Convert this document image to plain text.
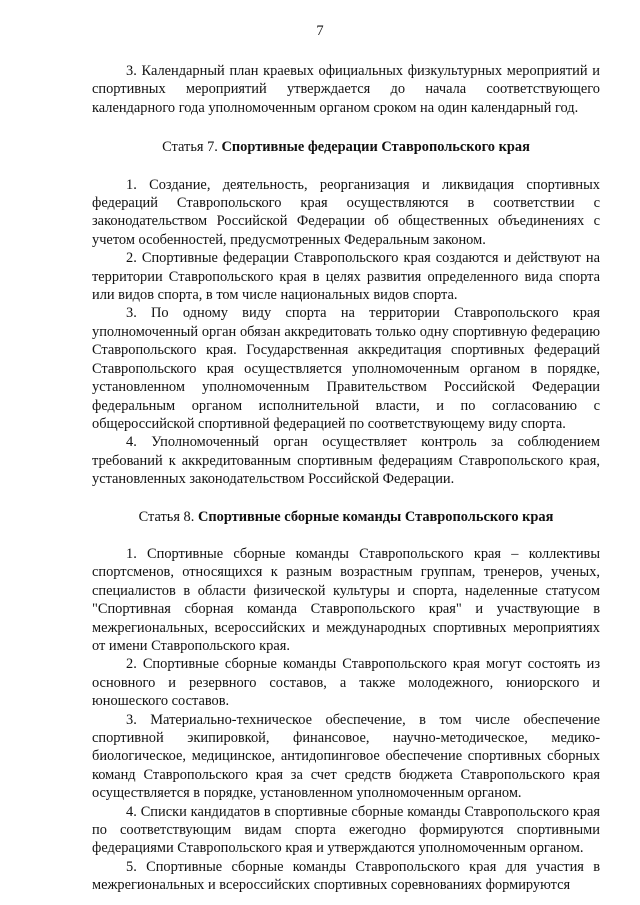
7

3. Календарный план краевых официальных физкультурных мероприятий и спортивных мероприятий утверждается до начала соответствующего календарного года уполномоченным органом сроком на один календарный год.

Статья 7. Спортивные федерации Ставропольского края

1. Создание, деятельность, реорганизация и ликвидация спортивных федераций Ставропольского края осуществляются в соответствии с законодательством Российской Федерации об общественных объединениях с учетом особенностей, предусмотренных Федеральным законом.

2. Спортивные федерации Ставропольского края создаются и действуют на территории Ставропольского края в целях развития определенного вида спорта или видов спорта, в том числе национальных видов спорта.

3. По одному виду спорта на территории Ставропольского края уполномоченный орган обязан аккредитовать только одну спортивную федерацию Ставропольского края. Государственная аккредитация спортивных федераций Ставропольского края осуществляется уполномоченным органом в порядке, установленном уполномоченным Правительством Российской Федерации федеральным органом исполнительной власти, и по согласованию с общероссийской спортивной федерацией по соответствующему виду спорта.

4. Уполномоченный орган осуществляет контроль за соблюдением требований к аккредитованным спортивным федерациям Ставропольского края, установленных законодательством Российской Федерации.

Статья 8. Спортивные сборные команды Ставропольского края

1. Спортивные сборные команды Ставропольского края – коллективы спортсменов, относящихся к разным возрастным группам, тренеров, ученых, специалистов в области физической культуры и спорта, наделенные статусом "Спортивная сборная команда Ставропольского края" и участвующие в межрегиональных, всероссийских и международных спортивных мероприятиях от имени Ставропольского края.

2. Спортивные сборные команды Ставропольского края могут состоять из основного и резервного составов, а также молодежного, юниорского и юношеского составов.

3. Материально-техническое обеспечение, в том числе обеспечение спортивной экипировкой, финансовое, научно-методическое, медико-биологическое, медицинское, антидопинговое обеспечение спортивных сборных команд Ставропольского края за счет средств бюджета Ставропольского края осуществляется в порядке, установленном уполномоченным органом.

4. Списки кандидатов в спортивные сборные команды Ставропольского края по соответствующим видам спорта ежегодно формируются спортивными федерациями Ставропольского края и утверждаются уполномоченным органом.

5. Спортивные сборные команды Ставропольского края для участия в межрегиональных и всероссийских спортивных соревнованиях формируются
